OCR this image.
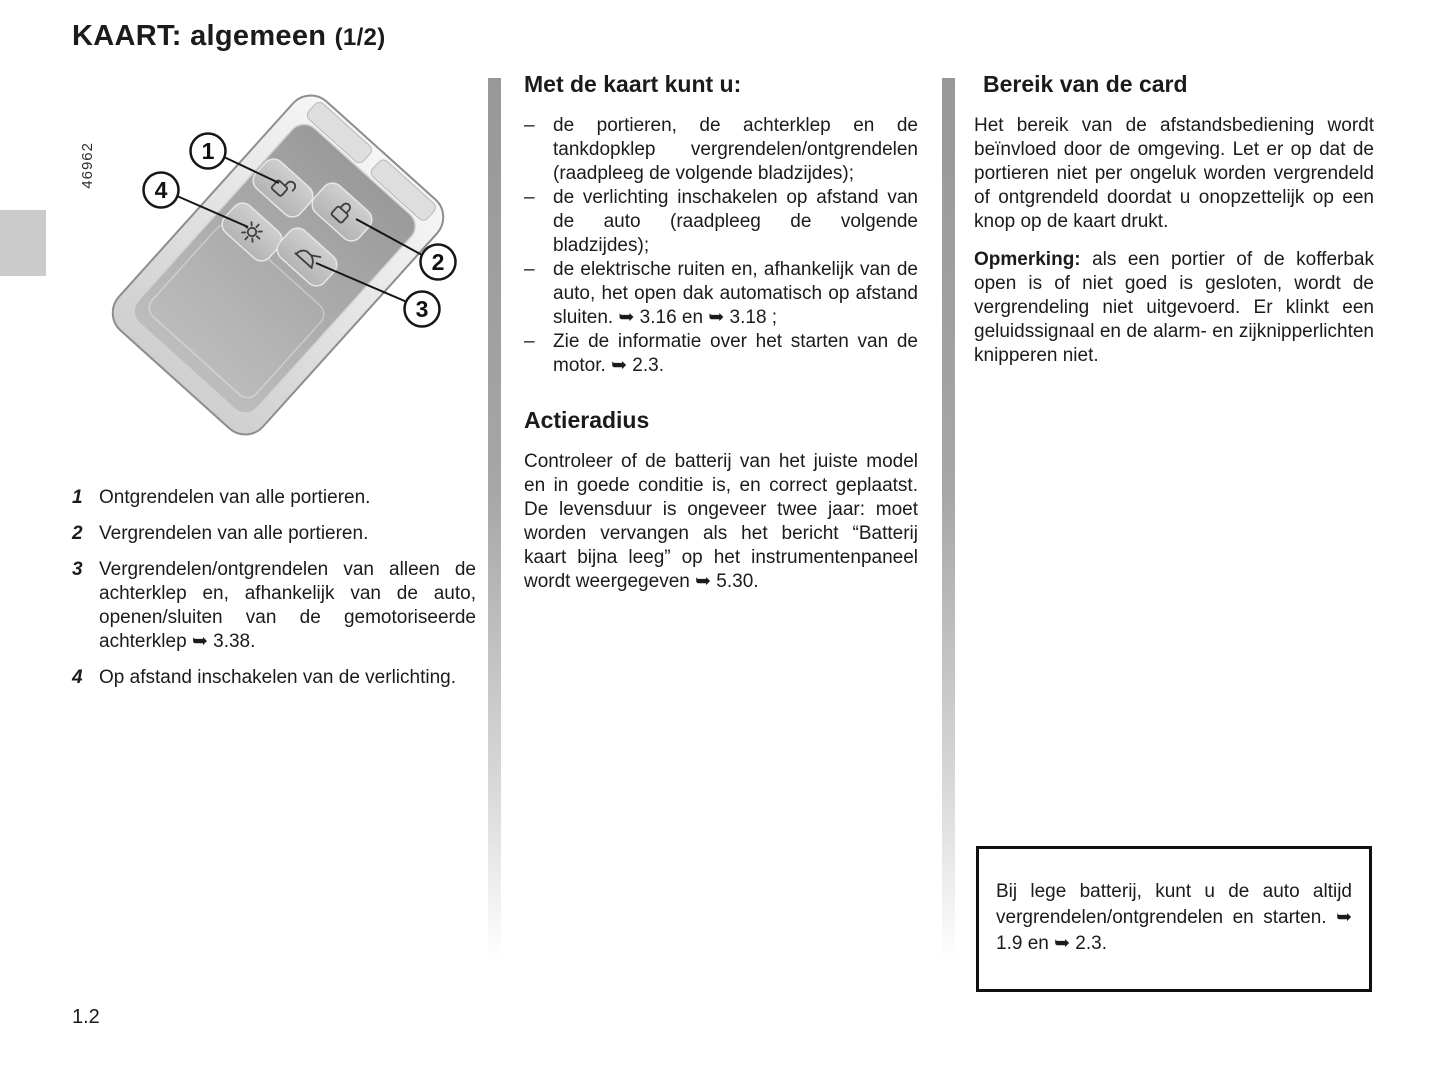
KAART: algemeen (1/2)
46962	1
4
2
3
1 Ontgrendelen van alle portieren.
2 Vergrendelen van alle portieren.
3 Vergrendelen/ontgrendelen van alleen de achterklep en, afhankelijk van de auto, openen/sluiten van de gemotoriseerde achterklep ➥ 3.38.
4 Op afstand inschakelen van de verlichting.
Met de kaart kunt u:
– de portieren, de achterklep en de tankdopklep vergrendelen/ontgrendelen (raadpleeg de volgende bladzijdes);
– de verlichting inschakelen op afstand van de auto (raadpleeg de volgende bladzijdes);
– de elektrische ruiten en, afhankelijk van de auto, het open dak automatisch op afstand sluiten. ➥ 3.16 en ➥ 3.18 ;
– Zie de informatie over het starten van de motor. ➥ 2.3.
Actieradius

Controleer of de batterij van het juiste model en in goede conditie is, en correct geplaatst. De levensduur is ongeveer twee jaar: moet worden vervangen als het bericht “Batterij kaart bijna leeg” op het instrumentenpaneel wordt weergegeven ➥ 5.30.

Bereik van de card

Het bereik van de afstandsbediening wordt beïnvloed door de omgeving. Let er op dat de portieren niet per ongeluk worden vergrendeld of ontgrendeld doordat u onopzettelijk op een knop op de kaart drukt.

Opmerking: als een portier of de kofferbak open is of niet goed is gesloten, wordt de vergrendeling niet uitgevoerd. Er klinkt een geluidssignaal en de alarm- en zijknipperlichten knipperen niet.

Bij lege batterij, kunt u de auto altijd vergrendelen/ontgrendelen en starten. ➥ 1.9 en ➥ 2.3.
1.2
